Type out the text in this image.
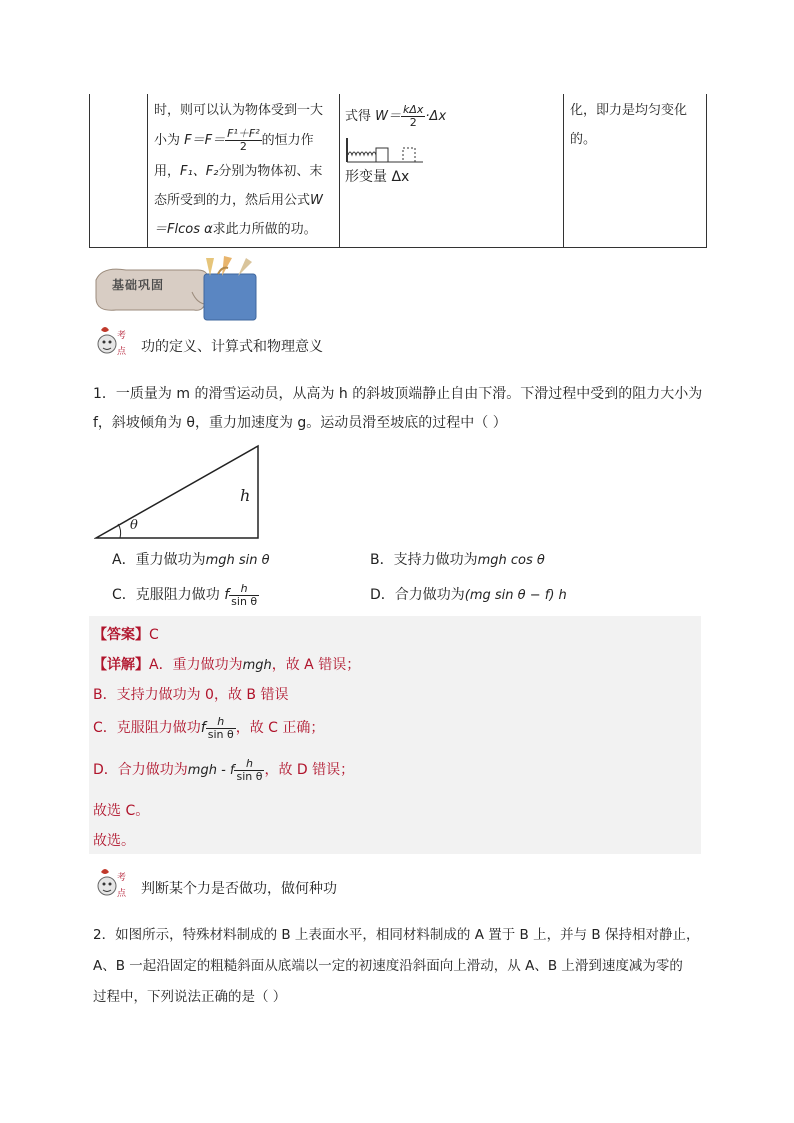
时，则可以认为物体受到一大
小为 $F=F= \frac{\text{F¹＋F²}}{2}$ 的恒力作
用，F₁、F₂分别为物体初、末
态所受到的力，然后用公式W
＝Flcos α求此力所做的功。
式得 $W= \frac{\text{kΔx}}{2} \cdot\Delta x$
形变量 Δx
化，即力是均匀变化
的。
基础巩固
考
点 功的定义、计算式和物理意义
1．一质量为 m 的滑雪运动员，从高为 h 的斜坡顶端静止自由下滑。下滑过程中受到的阻力大小为
f，斜坡倾角为 θ，重力加速度为 g。运动员滑至坡底的过程中（ ）
h
θ
A．重力做功为mgh sin θ	B．支持力做功为mgh cos θ
C．克服阻力做功 f $\frac{h}{\text{sin θ}}$	D．合力做功为(mg sin θ − f) h
【答案】C
【详解】A．重力做功为mgh，故 A 错误；
B．支持力做功为 0，故 B 错误
C．克服阻力做功f $\frac{h}{\text{sin θ}}$ ，故 C 正确；
D．合力做功为mgh - f $\frac{h}{\text{sin θ}}$ ，故 D 错误；
故选 C。
故选。
考
点 判断某个力是否做功，做何种功
2．如图所示，特殊材料制成的 B 上表面水平，相同材料制成的 A 置于 B 上，并与 B 保持相对静止，
A、B 一起沿固定的粗糙斜面从底端以一定的初速度沿斜面向上滑动，从 A、B 上滑到速度减为零的
过程中，下列说法正确的是（ ）
